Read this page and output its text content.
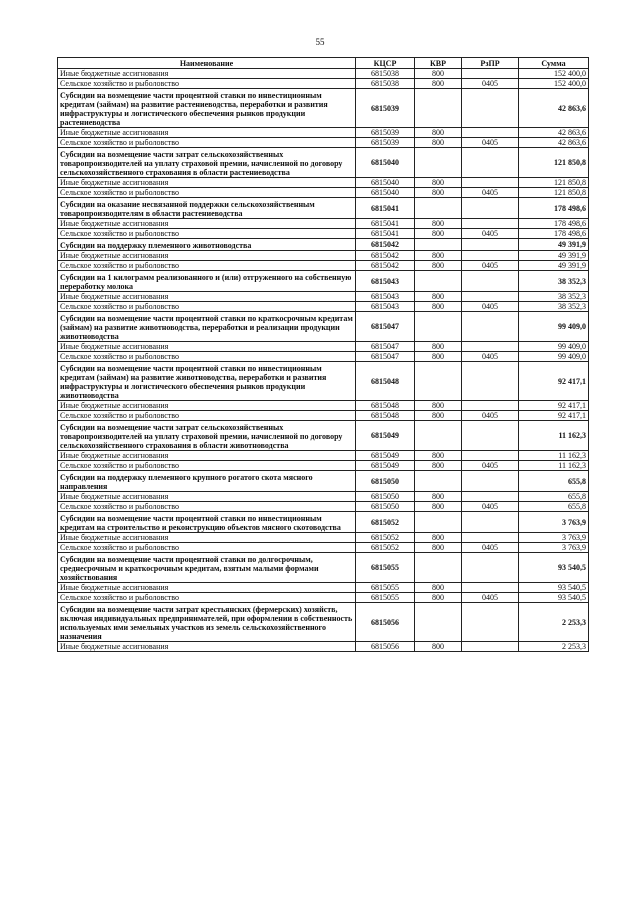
55
Наименование	КЦСР	КВР	РзПР	Сумма
Иные бюджетные ассигнования	6815038	800		152 400,0
Сельское хозяйство и рыболовство	6815038	800	0405	152 400,0
Субсидии на возмещение части процентной ставки по инвестиционным кредитам (займам) на развитие растениеводства, переработки и развития инфраструктуры и логистического обеспечения рынков продукции растениеводства	6815039			42 863,6
Иные бюджетные ассигнования	6815039	800		42 863,6
Сельское хозяйство и рыболовство	6815039	800	0405	42 863,6
Субсидии на возмещение части затрат сельскохозяйственных товаропроизводителей на уплату страховой премии, начисленной по договору сельскохозяйственного страхования в области растениеводства	6815040			121 850,8
Иные бюджетные ассигнования	6815040	800		121 850,8
Сельское хозяйство и рыболовство	6815040	800	0405	121 850,8
Субсидии на оказание несвязанной поддержки сельскохозяйственным товаропроизводителям в области растениеводства	6815041			178 498,6
Иные бюджетные ассигнования	6815041	800		178 498,6
Сельское хозяйство и рыболовство	6815041	800	0405	178 498,6
Субсидии на поддержку племенного животноводства	6815042			49 391,9
Иные бюджетные ассигнования	6815042	800		49 391,9
Сельское хозяйство и рыболовство	6815042	800	0405	49 391,9
Субсидии на 1 килограмм реализованного и (или) отгруженного на собственную переработку молока	6815043			38 352,3
Иные бюджетные ассигнования	6815043	800		38 352,3
Сельское хозяйство и рыболовство	6815043	800	0405	38 352,3
Субсидии на возмещение части процентной ставки по краткосрочным кредитам (займам) на развитие животноводства, переработки и реализации продукции животноводства	6815047			99 409,0
Иные бюджетные ассигнования	6815047	800		99 409,0
Сельское хозяйство и рыболовство	6815047	800	0405	99 409,0
Субсидии на возмещение части процентной ставки по инвестиционным кредитам (займам) на развитие животноводства, переработки и развития инфраструктуры и логистического обеспечения рынков продукции животноводства	6815048			92 417,1
Иные бюджетные ассигнования	6815048	800		92 417,1
Сельское хозяйство и рыболовство	6815048	800	0405	92 417,1
Субсидии на возмещение части затрат сельскохозяйственных товаропроизводителей на уплату страховой премии, начисленной по договору сельскохозяйственного страхования в области животноводства	6815049			11 162,3
Иные бюджетные ассигнования	6815049	800		11 162,3
Сельское хозяйство и рыболовство	6815049	800	0405	11 162,3
Субсидии на поддержку племенного крупного рогатого скота мясного направления	6815050			655,8
Иные бюджетные ассигнования	6815050	800		655,8
Сельское хозяйство и рыболовство	6815050	800	0405	655,8
Субсидии на возмещение части процентной ставки по инвестиционным кредитам на строительство и реконструкцию объектов мясного скотоводства	6815052			3 763,9
Иные бюджетные ассигнования	6815052	800		3 763,9
Сельское хозяйство и рыболовство	6815052	800	0405	3 763,9
Субсидии на возмещение части процентной ставки по долгосрочным, среднесрочным и краткосрочным кредитам, взятым малыми формами хозяйствования	6815055			93 540,5
Иные бюджетные ассигнования	6815055	800		93 540,5
Сельское хозяйство и рыболовство	6815055	800	0405	93 540,5
Субсидии на возмещение части затрат крестьянских (фермерских) хозяйств, включая индивидуальных предпринимателей, при оформлении в собственность используемых ими земельных участков из земель сельскохозяйственного назначения	6815056			2 253,3
Иные бюджетные ассигнования	6815056	800		2 253,3
